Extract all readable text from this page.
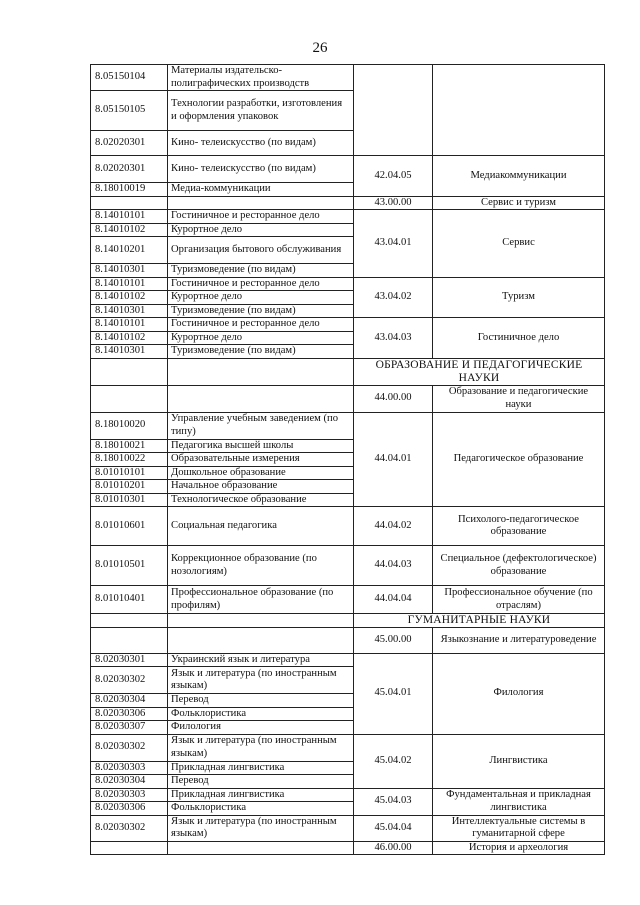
26
8.05150104	Материалы издательско-полиграфических производств			
8.05150105	Технологии разработки, изготовления и оформления упаковок			
8.02020301	Кино- телеискусство (по видам)		
8.02020301	Кино- телеискусство (по видам)	42.04.05	Медиакоммуникации	
8.18010019	Медиа-коммуникации			
		43.00.00	Сервис и туризм	
8.14010101	Гостиничное и ресторанное дело	43.04.01	Сервис	
8.14010102	Курортное дело			
8.14010201	Организация бытового обслуживания			
8.14010301	Туризмоведение (по видам)			
8.14010101	Гостиничное и ресторанное дело	43.04.02	Туризм	
8.14010102	Курортное дело			
8.14010301	Туризмоведение (по видам)			
8.14010101	Гостиничное и ресторанное дело	43.04.03	Гостиничное дело	
8.14010102	Курортное дело			
8.14010301	Туризмоведение (по видам)			
		ОБРАЗОВАНИЕ И ПЕДАГОГИЧЕСКИЕ НАУКИ		
		44.00.00	Образование и педагогические науки	
8.18010020	Управление учебным заведением (по типу)	44.04.01	Педагогическое образование	
8.18010021	Педагогика высшей школы			
8.18010022	Образовательные измерения			
8.01010101	Дошкольное образование			
8.01010201	Начальное образование			
8.01010301	Технологическое образование			
8.01010601	Социальная педагогика	44.04.02	Психолого-педагогическое образование	
8.01010501	Коррекционное образование (по нозологиям)	44.04.03	Специальное (дефектологическое) образование	
8.01010401	Профессиональное образование (по профилям)	44.04.04	Профессиональное обучение (по отраслям)	
		ГУМАНИТАРНЫЕ НАУКИ		
		45.00.00	Языкознание и литературоведение	
8.02030301	Украинский язык и литература	45.04.01	Филология	
8.02030302	Язык и литература (по иностранным языкам)			
8.02030304	Перевод			
8.02030306	Фольклористика			
8.02030307	Филология			
8.02030302	Язык и литература (по иностранным языкам)	45.04.02	Лингвистика	
8.02030303	Прикладная лингвистика			
8.02030304	Перевод			
8.02030303	Прикладная лингвистика	45.04.03	Фундаментальная и прикладная лингвистика	
8.02030306	Фольклористика			
8.02030302	Язык и литература (по иностранным языкам)	45.04.04	Интеллектуальные системы в гуманитарной сфере	
		46.00.00	История и археология	
